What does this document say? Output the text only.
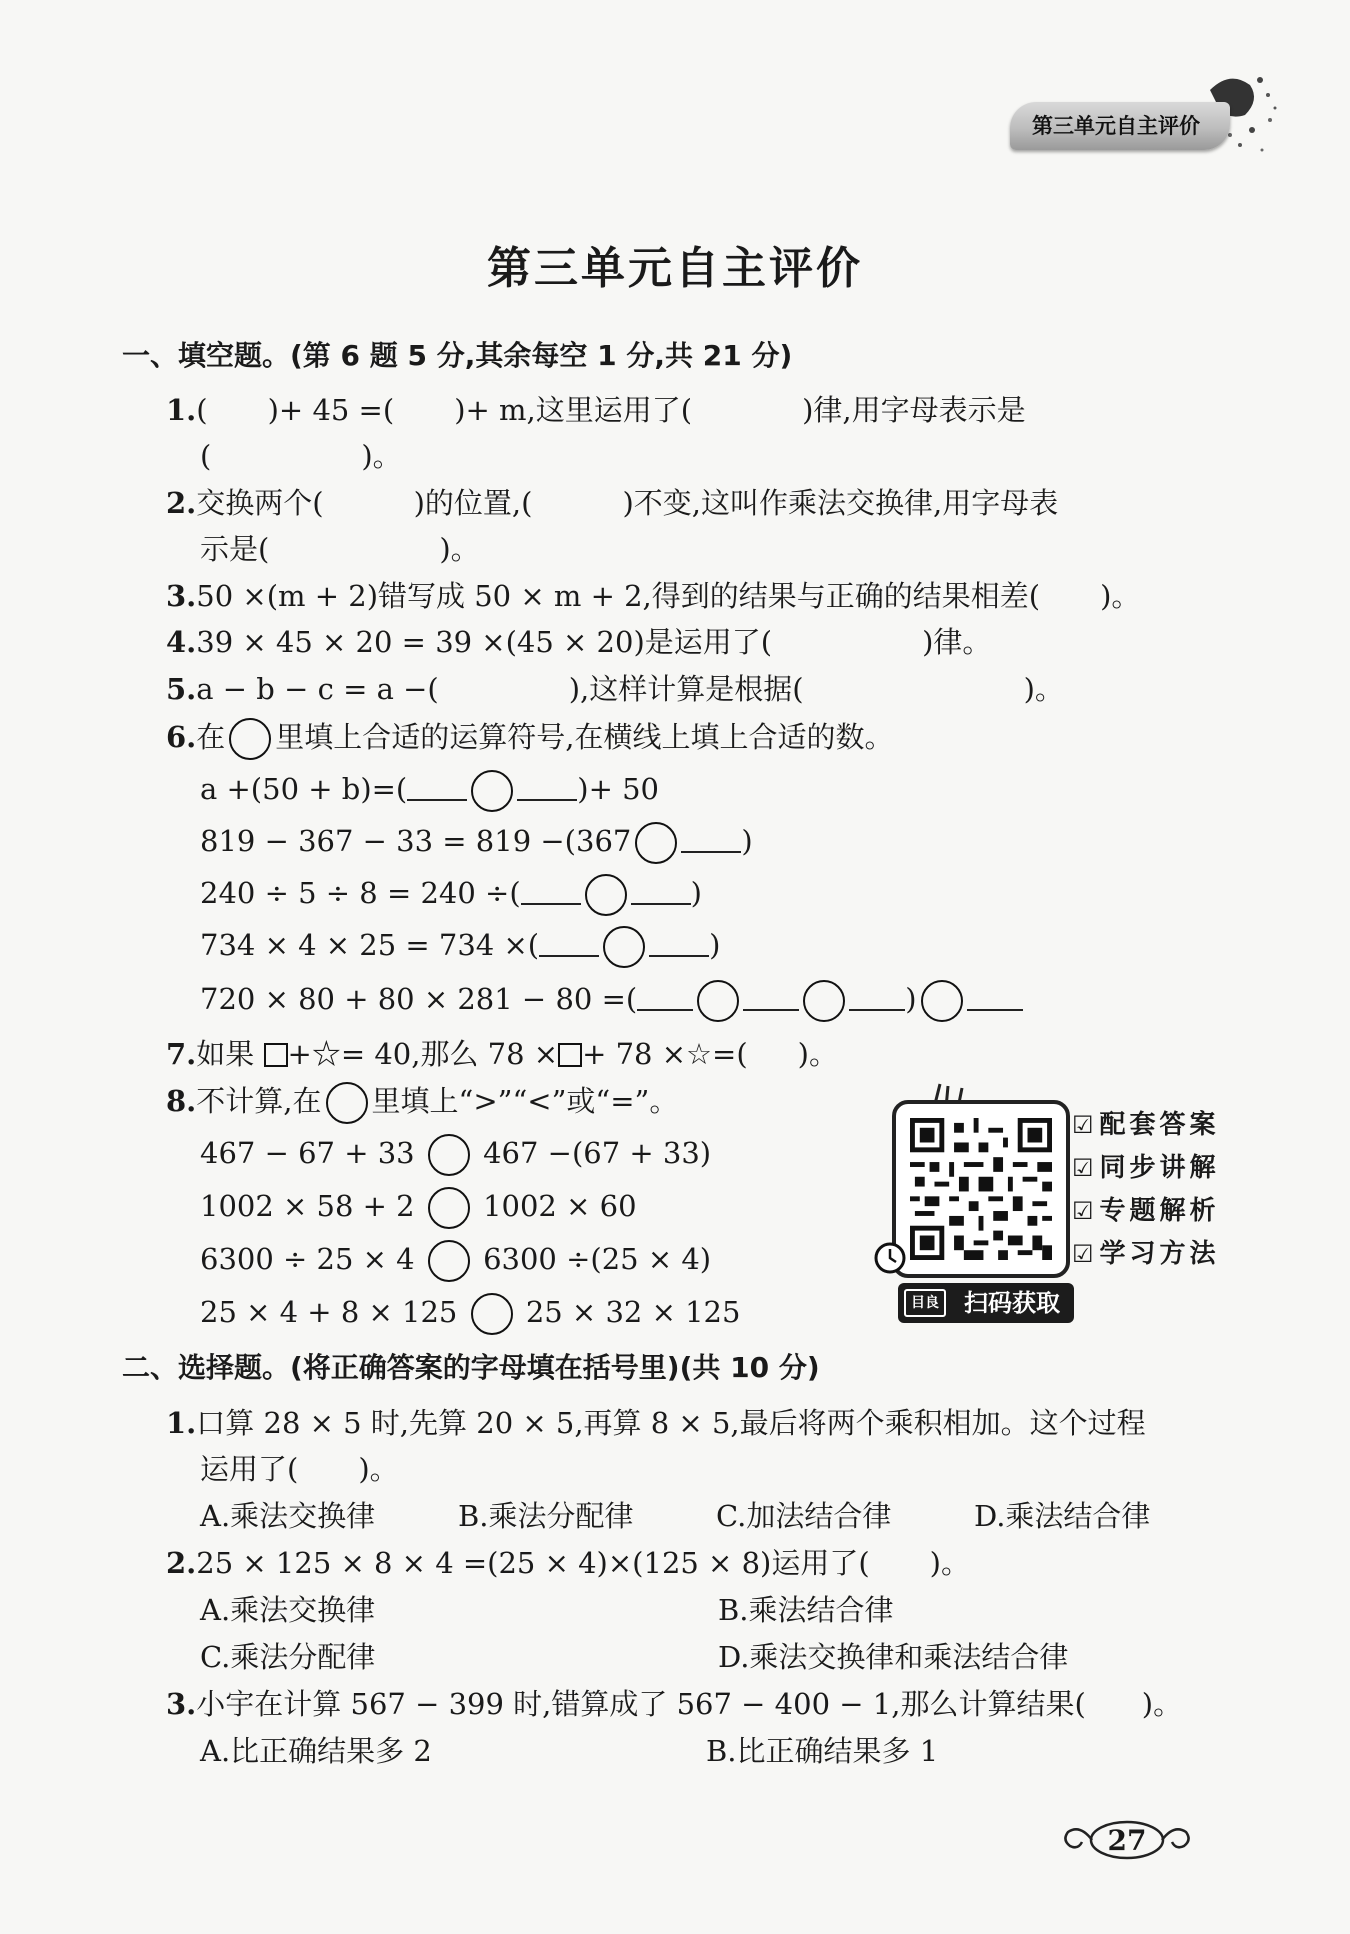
第三单元自主评价
第三单元自主评价
一、填空题。(第 6 题 5 分,其余每空 1 分,共 21 分)
1.( )+ 45 =( )+ m,这里运用了(	)律,用字母表示是
(	)。
2.交换两个(	)的位置,(	)不变,这叫作乘法交换律,用字母表
示是(	)。
3.50 ×(m + 2)错写成 50 × m + 2,得到的结果与正确的结果相差( )。
4.39 × 45 × 20 = 39 ×(45 × 20)是运用了(	)律。
5.a − b − c = a −(	),这样计算是根据(	)。
6.在 里填上合适的运算符号,在横线上填上合适的数。
a +(50 + b)=(	)+ 50
819 − 367 − 33 = 819 −(367	)
240 ÷ 5 ÷ 8 = 240 ÷(	)
734 × 4 × 25 = 734 ×(	)
720 × 80 + 80 × 281 − 80 =(	)
7.如果 +☆= 40,那么 78 × + 78 ×☆=( )。
8.不计算,在 里填上“>”“<”或“=”。
467 − 67 + 33 467 −(67 + 33)
1002 × 58 + 2 1002 × 60
6300 ÷ 25 × 4 6300 ÷(25 × 4)
25 × 4 + 8 × 125 25 × 32 × 125
☑配套答案
☑同步讲解
☑专题解析
☑学习方法
目良 扫码获取
二、选择题。(将正确答案的字母填在括号里)(共 10 分)
1.口算 28 × 5 时,先算 20 × 5,再算 8 × 5,最后将两个乘积相加。这个过程
运用了( )。
A.乘法交换律	B.乘法分配律	C.加法结合律	D.乘法结合律
2.25 × 125 × 8 × 4 =(25 × 4)×(125 × 8)运用了( )。
A.乘法交换律	B.乘法结合律
C.乘法分配律	D.乘法交换律和乘法结合律
3.小宇在计算 567 − 399 时,错算成了 567 − 400 − 1,那么计算结果( )。
A.比正确结果多 2	B.比正确结果多 1
27
